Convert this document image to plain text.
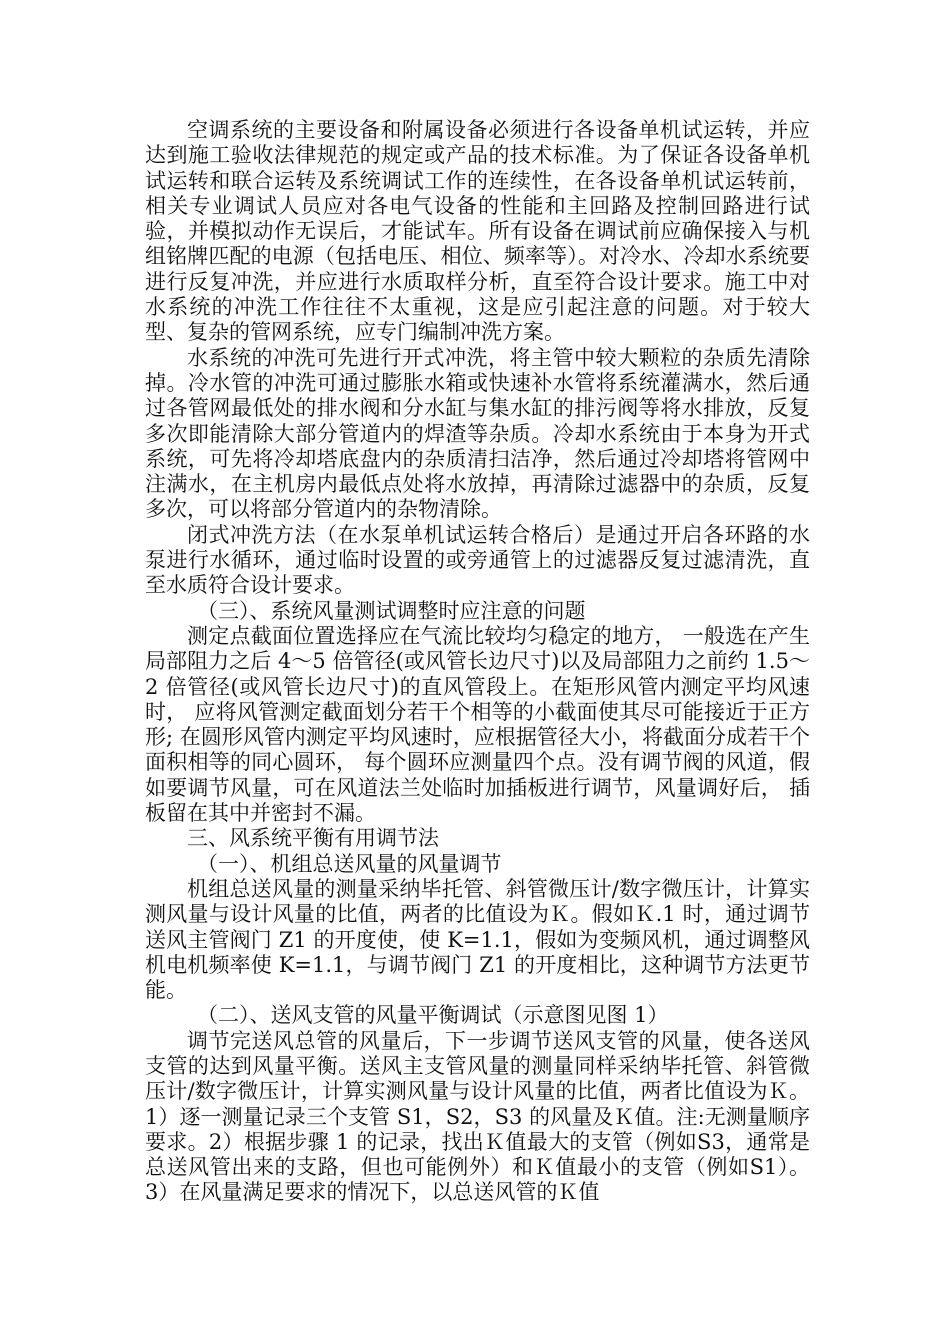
空调系统的主要设备和附属设备必须进行各设备单机试运转，并应达到施工验收法律规范的规定或产品的技术标准。为了保证各设备单机试运转和联合运转及系统调试工作的连续性，在各设备单机试运转前，相关专业调试人员应对各电气设备的性能和主回路及控制回路进行试验，并模拟动作无误后，才能试车。所有设备在调试前应确保接入与机组铭牌匹配的电源（包括电压、相位、频率等）。对冷水、冷却水系统要进行反复冲洗，并应进行水质取样分析，直至符合设计要求。施工中对水系统的冲洗工作往往不太重视，这是应引起注意的问题。对于较大型、复杂的管网系统，应专门编制冲洗方案。

水系统的冲洗可先进行开式冲洗，将主管中较大颗粒的杂质先清除掉。冷水管的冲洗可通过膨胀水箱或快速补水管将系统灌满水，然后通过各管网最低处的排水阀和分水缸与集水缸的排污阀等将水排放，反复多次即能清除大部分管道内的焊渣等杂质。冷却水系统由于本身为开式系统，可先将冷却塔底盘内的杂质清扫洁净，然后通过冷却塔将管网中注满水，在主机房内最低点处将水放掉，再清除过滤器中的杂质，反复多次，可以将部分管道内的杂物清除。

闭式冲洗方法（在水泵单机试运转合格后）是通过开启各环路的水泵进行水循环，通过临时设置的或旁通管上的过滤器反复过滤清洗，直至水质符合设计要求。

（三）、系统风量测试调整时应注意的问题

测定点截面位置选择应在气流比较均匀稳定的地方， 一般选在产生局部阻力之后 4～5 倍管径(或风管长边尺寸)以及局部阻力之前约 1.5～2 倍管径(或风管长边尺寸)的直风管段上。在矩形风管内测定平均风速时， 应将风管测定截面划分若干个相等的小截面使其尽可能接近于正方形; 在圆形风管内测定平均风速时，应根据管径大小，将截面分成若干个面积相等的同心圆环， 每个圆环应测量四个点。没有调节阀的风道，假如要调节风量，可在风道法兰处临时加插板进行调节，风量调好后， 插板留在其中并密封不漏。

三、风系统平衡有用调节法

（一）、机组总送风量的风量调节

机组总送风量的测量采纳毕托管、斜管微压计/数字微压计，计算实测风量与设计风量的比值，两者的比值设为Ｋ。假如Ｋ.1 时，通过调节送风主管阀门 Z1 的开度使，使 K=1.1，假如为变频风机，通过调整风机电机频率使 K=1.1，与调节阀门 Z1 的开度相比，这种调节方法更节能。

（二）、送风支管的风量平衡调试（示意图见图 1）

调节完送风总管的风量后，下一步调节送风支管的风量，使各送风支管的达到风量平衡。送风主支管风量的测量同样采纳毕托管、斜管微压计/数字微压计，计算实测风量与设计风量的比值，两者比值设为Ｋ。1）逐一测量记录三个支管 S1，S2，S3 的风量及Ｋ值。注:无测量顺序要求。2）根据步骤 1 的记录，找出Ｋ值最大的支管（例如S3，通常是总送风管出来的支路，但也可能例外）和Ｋ值最小的支管（例如S1）。3）在风量满足要求的情况下，以总送风管的Ｋ值
